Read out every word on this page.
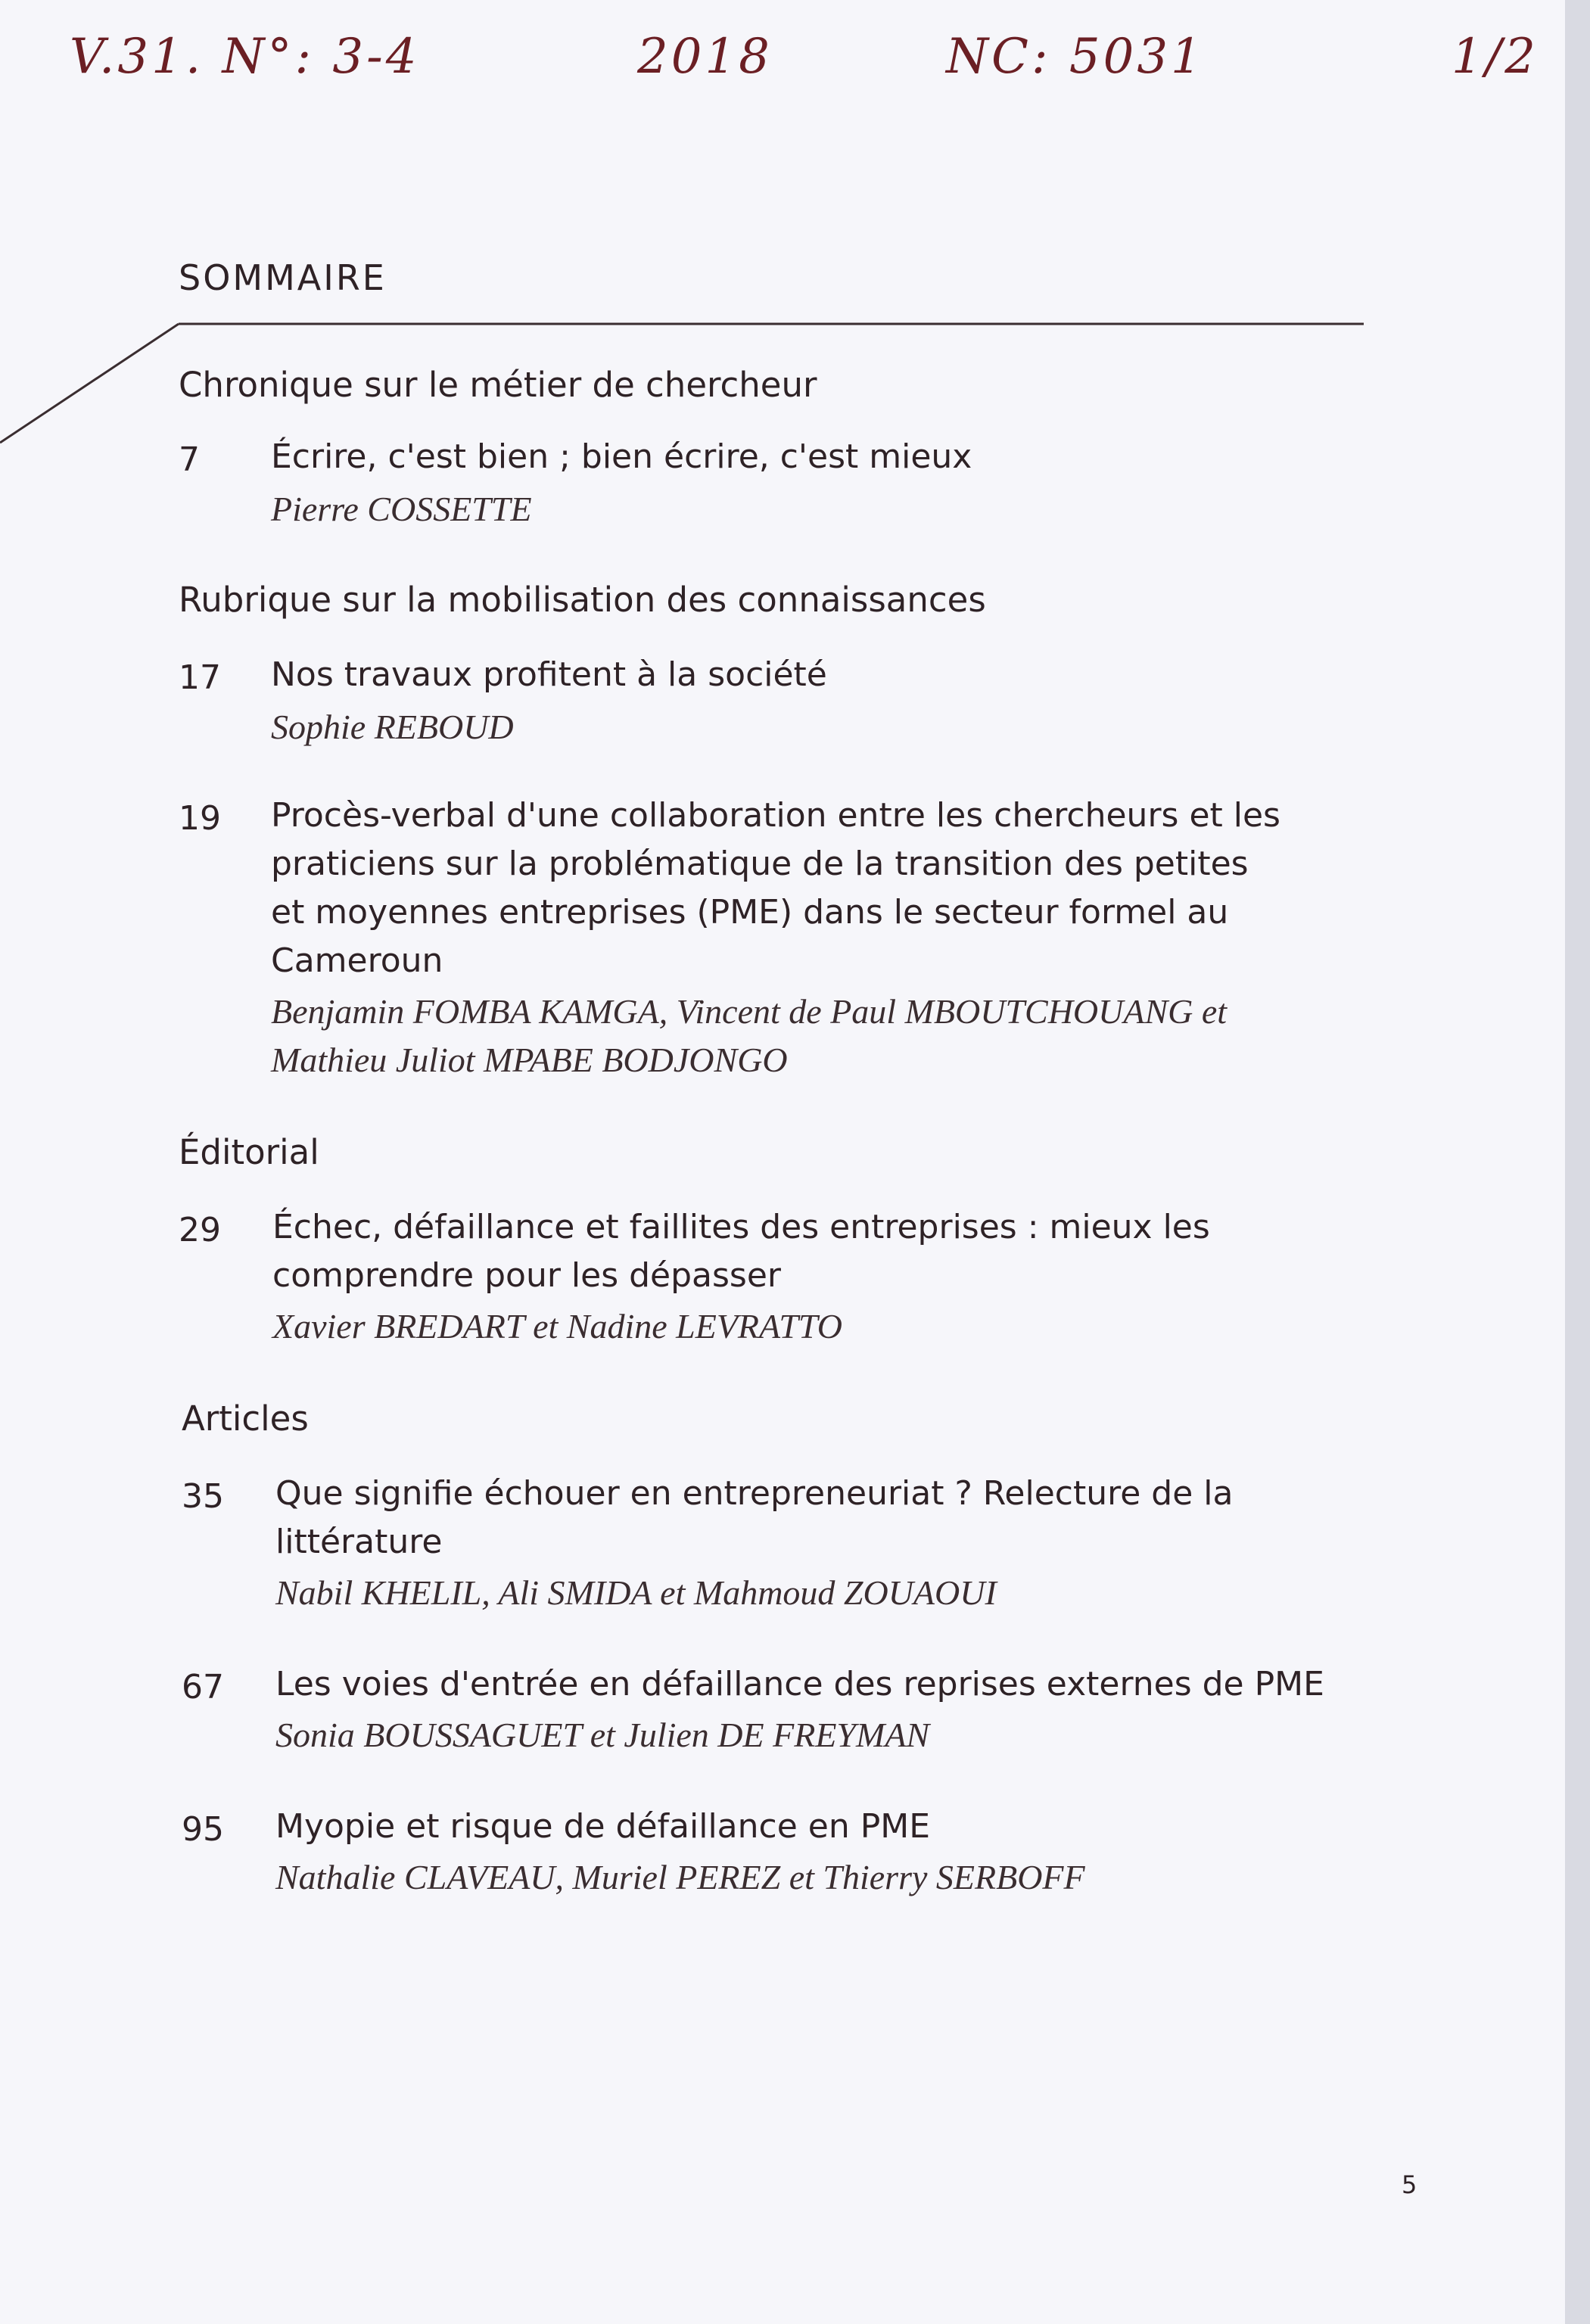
V.31. N°: 3-4	2018	NC: 5031	1/2
SOMMAIRE
Chronique sur le métier de chercheur
7 Écrire, c'est bien ; bien écrire, c'est mieux
Pierre COSSETTE
Rubrique sur la mobilisation des connaissances
17 Nos travaux profitent à la société
Sophie REBOUD
19 Procès-verbal d'une collaboration entre les chercheurs et les
praticiens sur la problématique de la transition des petites
et moyennes entreprises (PME) dans le secteur formel au
Cameroun
Benjamin FOMBA KAMGA, Vincent de Paul MBOUTCHOUANG et
Mathieu Juliot MPABE BODJONGO
Éditorial
29 Échec, défaillance et faillites des entreprises : mieux les
comprendre pour les dépasser
Xavier BREDART et Nadine LEVRATTO
Articles
35 Que signifie échouer en entrepreneuriat ? Relecture de la
littérature
Nabil KHELIL, Ali SMIDA et Mahmoud ZOUAOUI
67 Les voies d'entrée en défaillance des reprises externes de PME
Sonia BOUSSAGUET et Julien DE FREYMAN
95 Myopie et risque de défaillance en PME
Nathalie CLAVEAU, Muriel PEREZ et Thierry SERBOFF
5
